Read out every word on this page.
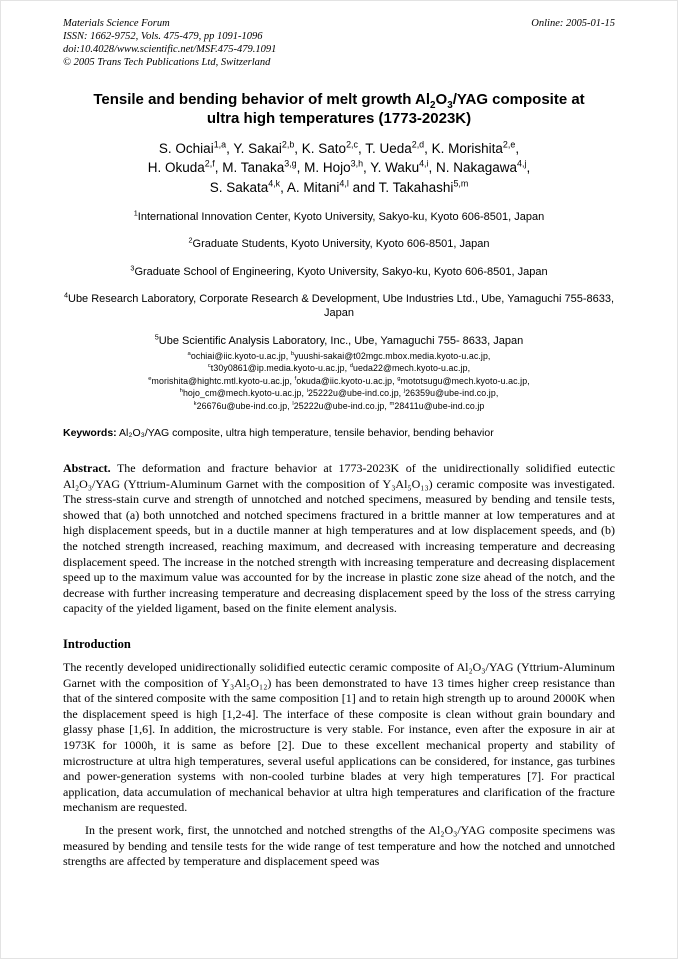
Materials Science Forum
ISSN: 1662-9752, Vols. 475-479, pp 1091-1096
doi:10.4028/www.scientific.net/MSF.475-479.1091
© 2005 Trans Tech Publications Ltd, Switzerland
Online: 2005-01-15
Tensile and bending behavior of melt growth $Al_2O_3$/YAG composite at
ultra high temperatures (1773-2023K)
S. Ochiai$^{1,a}$, Y. Sakai$^{2,b}$, K. Sato$^{2,c}$, T. Ueda$^{2,d}$, K. Morishita$^{2,e}$,
H. Okuda$^{2,f}$, M. Tanaka$^{3,g}$, M. Hojo$^{3,h}$, Y. Waku$^{4,i}$, N. Nakagawa$^{4,j}$,
S. Sakata$^{4,k}$, A. Mitani$^{4,l}$ and T. Takahashi$^{5,m}$
$^1$International Innovation Center, Kyoto University, Sakyo-ku, Kyoto 606-8501, Japan
$^2$Graduate Students, Kyoto University, Kyoto 606-8501, Japan
$^3$Graduate School of Engineering, Kyoto University, Sakyo-ku, Kyoto 606-8501, Japan
$^4$Ube Research Laboratory, Corporate Research & Development, Ube Industries Ltd., Ube, Yamaguchi 755-8633, Japan
$^5$Ube Scientific Analysis Laboratory, Inc., Ube, Yamaguchi 755- 8633, Japan
$^a$ochiai@iic.kyoto-u.ac.jp, $^b$yuushi-sakai@t02mgc.mbox.media.kyoto-u.ac.jp,
$^c$t30y0861@ip.media.kyoto-u.ac.jp, $^d$ueda22@mech.kyoto-u.ac.jp,
$^e$morishita@hightc.mtl.kyoto-u.ac.jp, $^f$okuda@iic.kyoto-u.ac.jp, $^g$mototsugu@mech.kyoto-u.ac.jp,
$^h$hojo_cm@mech.kyoto-u.ac.jp, $^i$25222u@ube-ind.co.jp, $^j$26359u@ube-ind.co.jp,
$^k$26676u@ube-ind.co.jp, $^l$25222u@ube-ind.co.jp, $^m$28411u@ube-ind.co.jp

Keywords: Al₂O₃/YAG composite, ultra high temperature, tensile behavior, bending behavior

Abstract. The deformation and fracture behavior at 1773-2023K of the unidirectionally solidified eutectic Al₂O₃/YAG (Yttrium-Aluminum Garnet with the composition of Y₃Al₅O₁₃) ceramic composite was investigated. The stress-stain curve and strength of unnotched and notched specimens, measured by bending and tensile tests, showed that (a) both unnotched and notched specimens fractured in a brittle manner at low temperatures and at high displacement speeds, but in a ductile manner at high temperatures and at low displacement speeds, and (b) the notched strength increased, reaching maximum, and decreased with increasing temperature and decreasing displacement speed. The increase in the notched strength with increasing temperature and decreasing displacement speed up to the maximum value was accounted for by the increase in plastic zone size ahead of the notch, and the decrease with further increasing temperature and decreasing displacement speed by the loss of the stress carrying capacity of the yielded ligament, based on the finite element analysis.

Introduction

The recently developed unidirectionally solidified eutectic ceramic composite of Al₂O₃/YAG (Yttrium-Aluminum Garnet with the composition of Y₃Al₅O₁₂) has been demonstrated to have 13 times higher creep resistance than that of the sintered composite with the same composition [1] and to retain high strength up to around 2000K when the displacement speed is high [1,2-4]. The interface of these composite is clean without grain boundary and glassy phase [1,6]. In addition, the microstructure is very stable. For instance, even after the exposure in air at 1973K for 1000h, it is same as before [2]. Due to these excellent mechanical property and stability of microstructure at ultra high temperatures, several useful applications can be considered, for instance, gas turbines and power-generation systems with non-cooled turbine blades at very high temperatures [7]. For practical application, data accumulation of mechanical behavior at ultra high temperatures and clarification of the fracture mechanism are requested.

In the present work, first, the unnotched and notched strengths of the Al₂O₃/YAG composite specimens was measured by bending and tensile tests for the wide range of test temperature and how the notched and unnotched strengths are affected by temperature and displacement speed was
